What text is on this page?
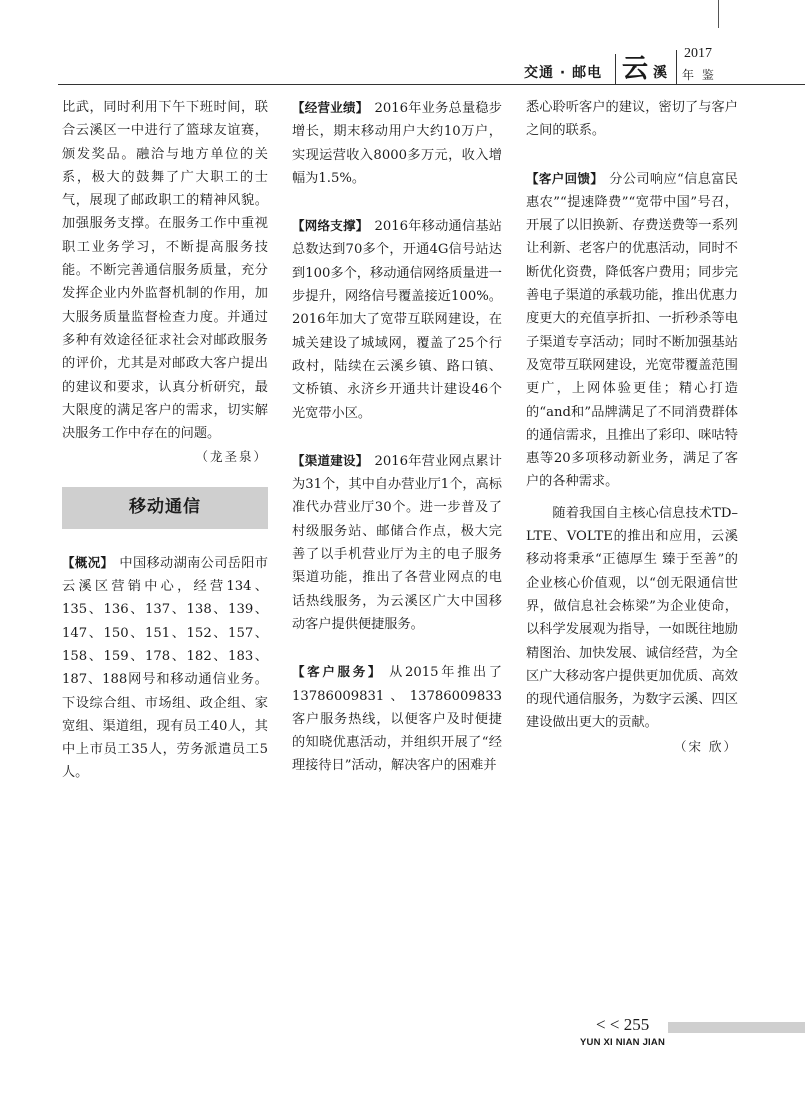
交通 · 邮电 云 溪
2017
年 鉴

比武，同时利用下午下班时间，联合云溪区一中进行了篮球友谊赛，颁发奖品。融洽与地方单位的关系，极大的鼓舞了广大职工的士气，展现了邮政职工的精神风貌。加强服务支撑。在服务工作中重视职工业务学习，不断提高服务技能。不断完善通信服务质量，充分发挥企业内外监督机制的作用，加大服务质量监督检查力度。并通过多种有效途径征求社会对邮政服务的评价，尤其是对邮政大客户提出的建议和要求，认真分析研究，最大限度的满足客户的需求，切实解决服务工作中存在的问题。
（龙圣泉）

移动通信

【概况】 中国移动湖南公司岳阳市云溪区营销中心，经营134、135、136、137、138、139、147、150、151、152、157、158、159、178、182、183、187、188网号和移动通信业务。下设综合组、市场组、政企组、家宽组、渠道组，现有员工40人，其中上市员工35人，劳务派遣员工5人。

【经营业绩】 2016年业务总量稳步增长，期末移动用户大约10万户，实现运营收入8000多万元，收入增幅为1.5%。

【网络支撑】 2016年移动通信基站总数达到70多个，开通4G信号站达到100多个，移动通信网络质量进一步提升，网络信号覆盖接近100%。2016年加大了宽带互联网建设，在城关建设了城域网，覆盖了25个行政村，陆续在云溪乡镇、路口镇、文桥镇、永济乡开通共计建设46个光宽带小区。

【渠道建设】 2016年营业网点累计为31个，其中自办营业厅1个，高标准代办营业厅30个。进一步普及了村级服务站、邮储合作点，极大完善了以手机营业厅为主的电子服务渠道功能，推出了各营业网点的电话热线服务，为云溪区广大中国移动客户提供便捷服务。

【客户服务】 从2015年推出了13786009831、13786009833 客户服务热线，以便客户及时便捷的知晓优惠活动，并组织开展了“经理接待日”活动，解决客户的困难并

悉心聆听客户的建议，密切了与客户之间的联系。

【客户回馈】 分公司响应“信息富民惠农”“提速降费”“宽带中国”号召，开展了以旧换新、存费送费等一系列让利新、老客户的优惠活动，同时不断优化资费，降低客户费用；同步完善电子渠道的承载功能，推出优惠力度更大的充值享折扣、一折秒杀等电子渠道专享活动；同时不断加强基站及宽带互联网建设，光宽带覆盖范围更广，上网体验更佳；精心打造的“and和”品牌满足了不同消费群体的通信需求，且推出了彩印、咪咕特惠等20多项移动新业务，满足了客户的各种需求。

随着我国自主核心信息技术TD–LTE、VOLTE的推出和应用，云溪移动将秉承“正德厚生 臻于至善”的企业核心价值观，以“创无限通信世界，做信息社会栋梁”为企业使命，以科学发展观为指导，一如既往地励精图治、加快发展、诚信经营，为全区广大移动客户提供更加优质、高效的现代通信服务，为数字云溪、四区建设做出更大的贡献。
（宋 欣）

< < 255
YUN XI NIAN JIAN
